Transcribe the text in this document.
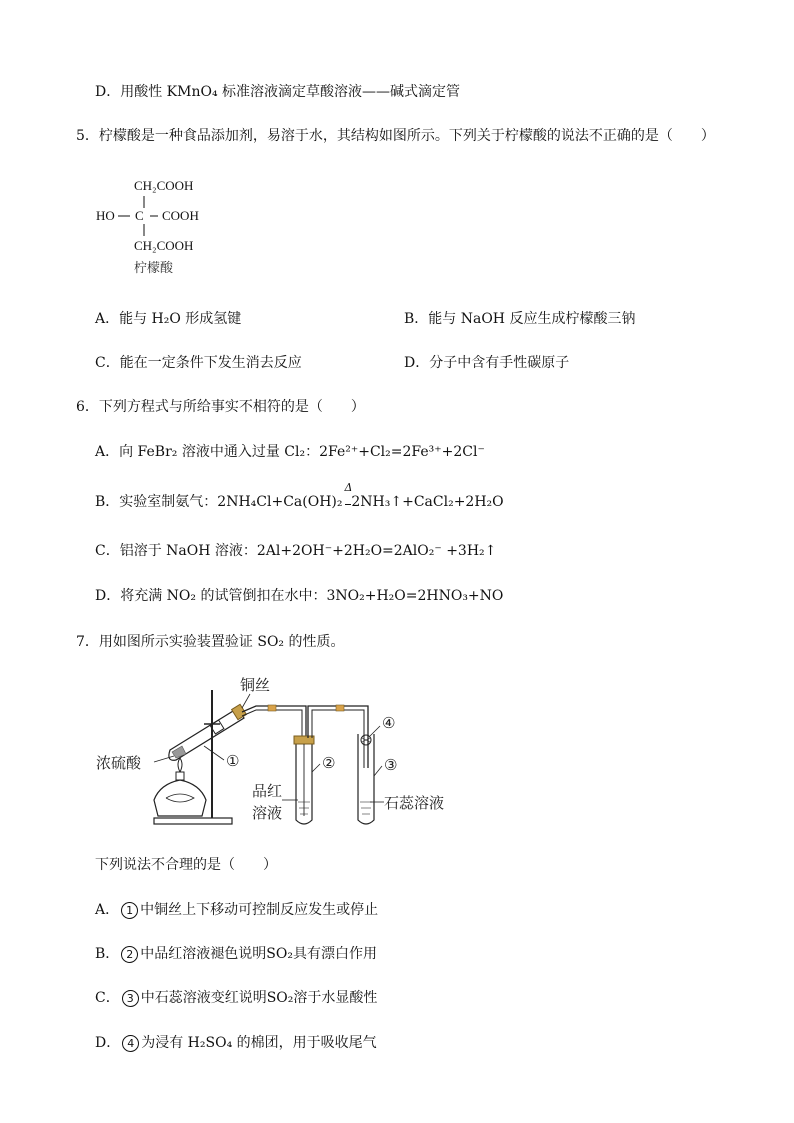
D．用酸性 KMnO₄ 标准溶液滴定草酸溶液——碱式滴定管
5．柠檬酸是一种食品添加剂，易溶于水，其结构如图所示。下列关于柠檬酸的说法不正确的是（　　）
CH₂COOH
HO C COOH
CH₂COOH
柠檬酸
A．能与 H₂O 形成氢键	B．能与 NaOH 反应生成柠檬酸三钠
C．能在一定条件下发生消去反应	D．分子中含有手性碳原子
6．下列方程式与所给事实不相符的是（　　）
A．向 FeBr₂ 溶液中通入过量 Cl₂：2Fe²⁺+Cl₂=2Fe³⁺+2Cl⁻
B．实验室制氨气：2NH₄Cl+Ca(OH)₂
Δ
2NH₃↑+CaCl₂+2H₂O
C．铝溶于 NaOH 溶液：2Al+2OH⁻+2H₂O=2AlO₂⁻ +3H₂↑
D．将充满 NO₂ 的试管倒扣在水中：3NO₂+H₂O=2HNO₃+NO
7．用如图所示实验装置验证 SO₂ 的性质。
铜丝
浓硫酸	①	②	③
④
品红
溶液
石蕊溶液
下列说法不合理的是（　　）
A． 1 中铜丝上下移动可控制反应发生或停止
B． 2 中品红溶液褪色说明SO₂具有漂白作用
C． 3 中石蕊溶液变红说明SO₂溶于水显酸性
D． 4 为浸有 H₂SO₄ 的棉团，用于吸收尾气
